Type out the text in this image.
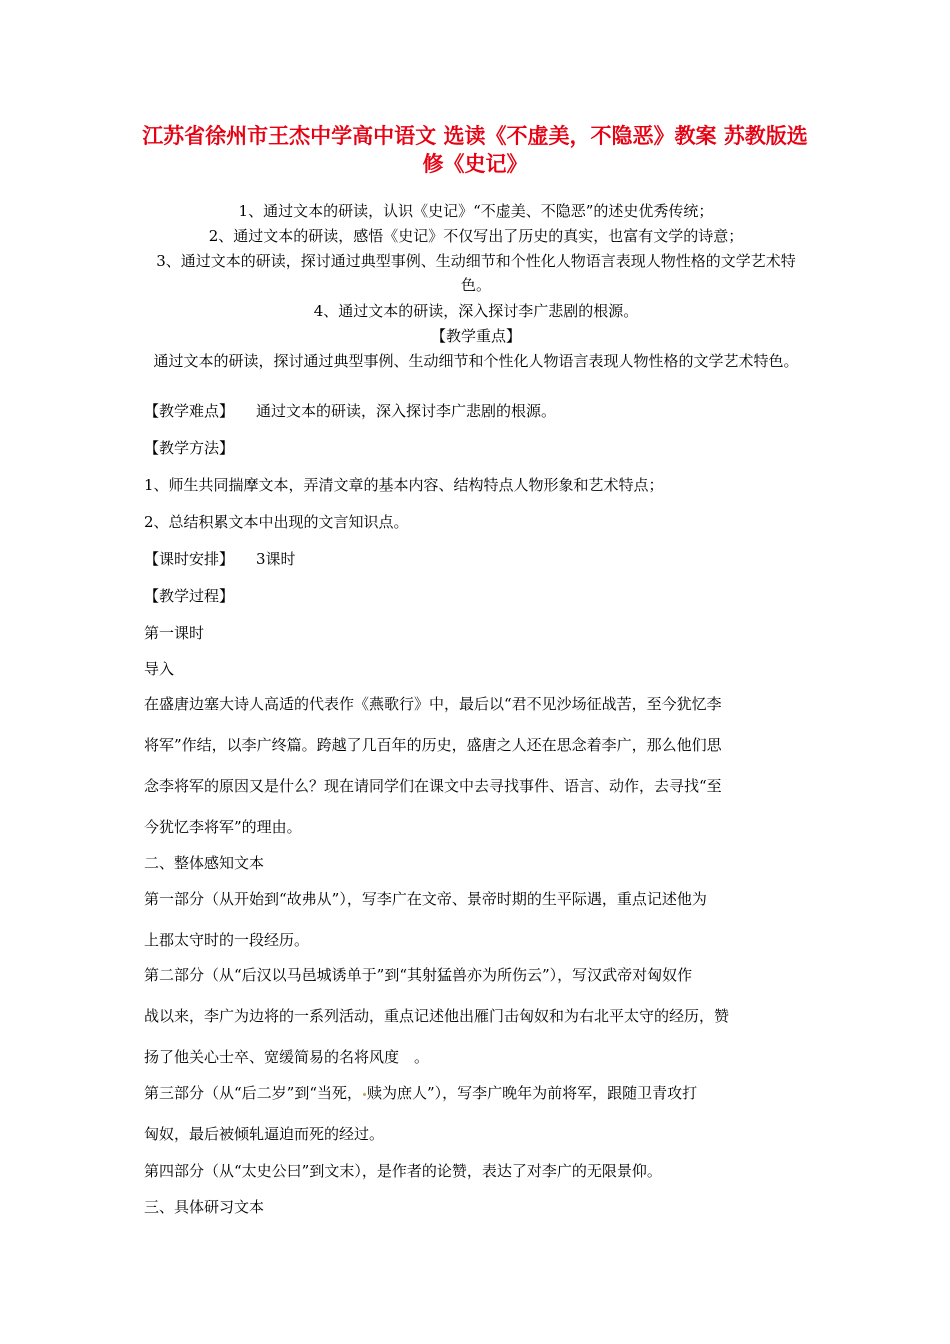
江苏省徐州市王杰中学高中语文 选读《不虚美，不隐恶》教案 苏教版选修《史记》

1、通过文本的研读，认识《史记》“不虚美、不隐恶”的述史优秀传统；

2、通过文本的研读，感悟《史记》不仅写出了历史的真实，也富有文学的诗意；

3、通过文本的研读，探讨通过典型事例、生动细节和个性化人物语言表现人物性格的文学艺术特色。

4、通过文本的研读，深入探讨李广悲剧的根源。

【教学重点】

通过文本的研读，探讨通过典型事例、生动细节和个性化人物语言表现人物性格的文学艺术特色。

【教学难点】 通过文本的研读，深入探讨李广悲剧的根源。

【教学方法】

1、师生共同揣摩文本，弄清文章的基本内容、结构特点人物形象和艺术特点；

2、总结积累文本中出现的文言知识点。

【课时安排】 3课时

【教学过程】

第一课时

导入

在盛唐边塞大诗人高适的代表作《燕歌行》中，最后以“君不见沙场征战苦，至今犹忆李

将军”作结，以李广终篇。跨越了几百年的历史，盛唐之人还在思念着李广，那么他们思

念李将军的原因又是什么？现在请同学们在课文中去寻找事件、语言、动作，去寻找“至

今犹忆李将军”的理由。

二、整体感知文本

第一部分（从开始到“故弗从”），写李广在文帝、景帝时期的生平际遇，重点记述他为

上郡太守时的一段经历。

第二部分（从“后汉以马邑城诱单于”到“其射猛兽亦为所伤云”），写汉武帝对匈奴作

战以来，李广为边将的一系列活动，重点记述他出雁门击匈奴和为右北平太守的经历，赞

扬了他关心士卒、宽缓简易的名将风度　。

第三部分（从“后二岁”到“当死， 赎为庶人”），写李广晚年为前将军，跟随卫青攻打

匈奴，最后被倾轧逼迫而死的经过。

第四部分（从“太史公曰”到文末），是作者的论赞，表达了对李广的无限景仰。

三、具体研习文本
